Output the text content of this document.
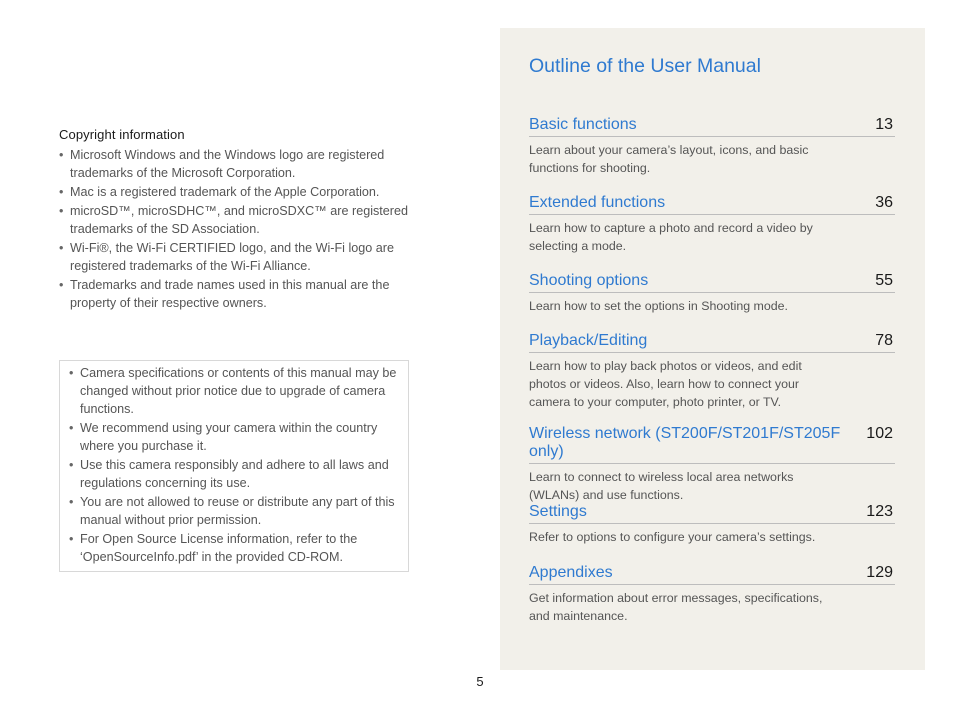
Copyright information
• Microsoft Windows and the Windows logo are registered trademarks of the Microsoft Corporation.
• Mac is a registered trademark of the Apple Corporation.
• microSD™, microSDHC™, and microSDXC™ are registered trademarks of the SD Association.
• Wi-Fi®, the Wi-Fi CERTIFIED logo, and the Wi-Fi logo are registered trademarks of the Wi-Fi Alliance.
• Trademarks and trade names used in this manual are the property of their respective owners.
• Camera specifications or contents of this manual may be changed without prior notice due to upgrade of camera functions.
• We recommend using your camera within the country where you purchase it.
• Use this camera responsibly and adhere to all laws and regulations concerning its use.
• You are not allowed to reuse or distribute any part of this manual without prior permission.
• For Open Source License information, refer to the ‘OpenSourceInfo.pdf’ in the provided CD-ROM.
Outline of the User Manual
Basic functions	13
Learn about your camera’s layout, icons, and basic functions for shooting.
Extended functions	36
Learn how to capture a photo and record a video by selecting a mode.
Shooting options	55
Learn how to set the options in Shooting mode.
Playback/Editing	78
Learn how to play back photos or videos, and edit photos or videos. Also, learn how to connect your camera to your computer, photo printer, or TV.
Wireless network (ST200F/ST201F/ST205F only)
102
Learn to connect to wireless local area networks (WLANs) and use functions.
Settings	123
Refer to options to configure your camera’s settings.
Appendixes	129
Get information about error messages, specifications, and maintenance.
5
